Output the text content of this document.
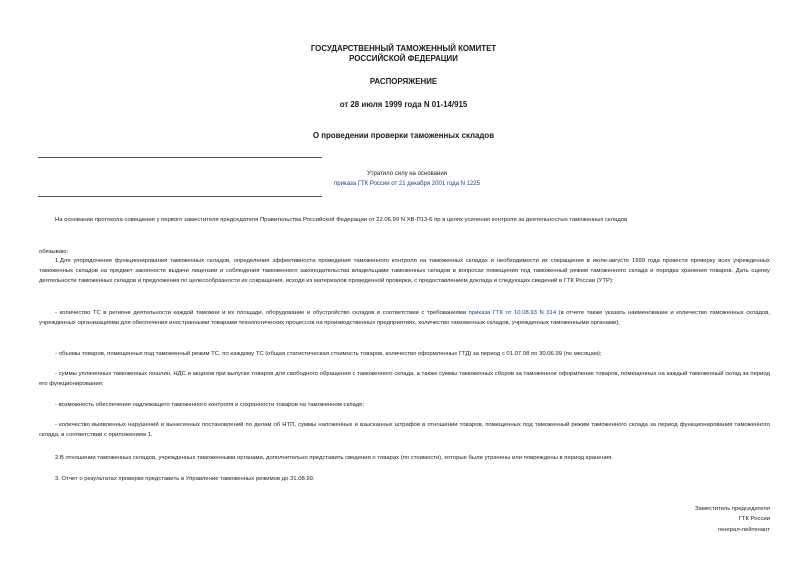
ГОСУДАРСТВЕННЫЙ ТАМОЖЕННЫЙ КОМИТЕТ
РОССИЙСКОЙ ФЕДЕРАЦИИ
РАСПОРЯЖЕНИЕ
от 28 июля 1999 года N 01-14/915
О проведении проверки таможенных складов
Утратило силу на основании
приказа ГТК России от 21 декабря 2001 года N 1225
На основании протокола совещения у первого заместителя председателя Правительства Российской Федерации от 22.06.99 N ХВ-П13-6 пр в целях усиления контроля за деятельностью таможенных складов
обязываю:
1.Для упорядочения функционирования таможенных складов, определения эффективности проведения таможенного контроля на таможенных складах и необходимости их сокращения в июле-августе 1999 года провести проверку всех учрежденных таможенных складов на предмет законности выдачи лицензии и соблюдения таможенного законодательства владельцами таможенных складов в вопросах помещения под таможенный режим таможенного склада и порядка хранения товаров. Дать оценку деятельности таможенных складов и предложения по целесообразности их сокращения, исходя из материалов проведенной проверки, с предоставлением доклада и следующих сведений в ГТК России (УТР):
- количество ТС в регионе деятельности каждой таможни и их площади, оборудование и обустройство складов в соответствии с требованиями приказа ГТК от 10.08.93 N 314 (в отчете также указать наименование и количество таможенных складов, учрежденных организациями для обеспечения иностранными товарами технологических процессов на производственных предприятиях, количество таможенных складов, учрежденных таможенными органами);
- объемы товаров, помещенных под таможенный режим ТС, по каждому ТС (общая статистическая стоимость товаров, количество оформленных ГТД) за период с 01.07.98 по 30.06.99 (по месяцам);
- суммы уплаченных таможенных пошлин, НДС и акцизов при выпуске товаров для свободного обращения с таможенного склада, а также суммы таможенных сборов за таможенное оформление товаров, помещенных на каждый таможенный склад за период его функционирования;
- возможность обеспечения надлежащего таможенного контроля и сохранности товаров на таможенном складе;
- количество выявленных нарушений и вынесенных постановлений по делам об НТП, суммы наложенных и взысканных штрафов в отношении товаров, помещенных под таможенный режим таможенного склада за период функционирования таможенного склада, в соответствии с приложением 1.
2.В отношении таможенных складов, учрежденных таможенными органами, дополнительно представить сведения о товарах (по стоимости), которые были утрачены или повреждены в период хранения.
3. Отчет о результатах проверки представить в Управление таможенных режимов до 31.08.99.
Заместитель председателя
ГТК России
генерал-лейтенант
